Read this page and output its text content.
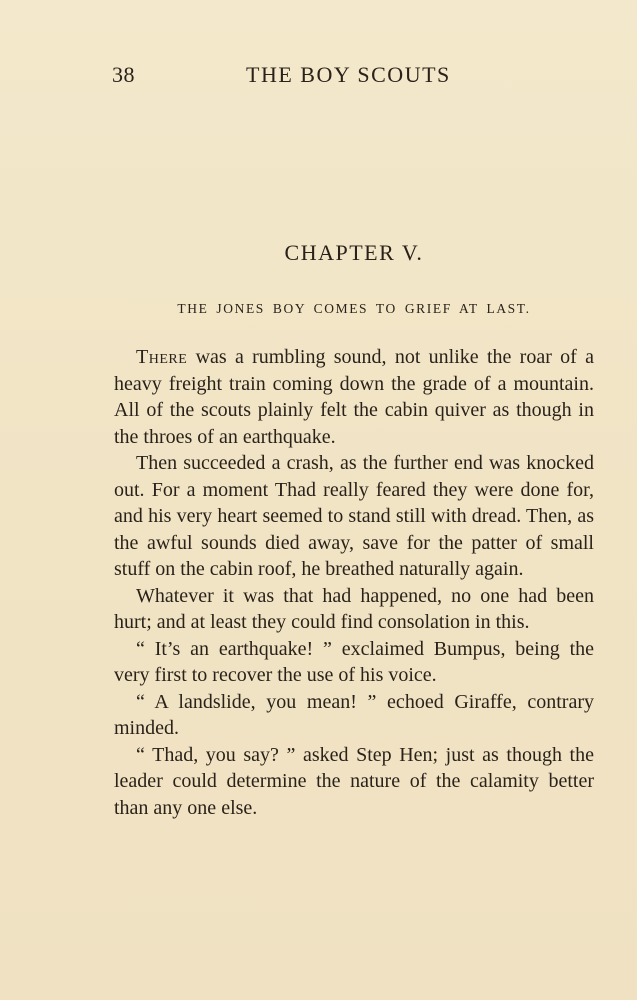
38	THE BOY SCOUTS
CHAPTER V.
THE JONES BOY COMES TO GRIEF AT LAST.

There was a rumbling sound, not unlike the roar of a heavy freight train coming down the grade of a mountain. All of the scouts plainly felt the cabin quiver as though in the throes of an earthquake.

Then succeeded a crash, as the further end was knocked out. For a moment Thad really feared they were done for, and his very heart seemed to stand still with dread. Then, as the awful sounds died away, save for the patter of small stuff on the cabin roof, he breathed naturally again.

Whatever it was that had happened, no one had been hurt; and at least they could find consolation in this.

“ It’s an earthquake! ” exclaimed Bumpus, being the very first to recover the use of his voice.

“ A landslide, you mean! ” echoed Giraffe, contrary minded.

“ Thad, you say? ” asked Step Hen; just as though the leader could determine the nature of the calamity better than any one else.
